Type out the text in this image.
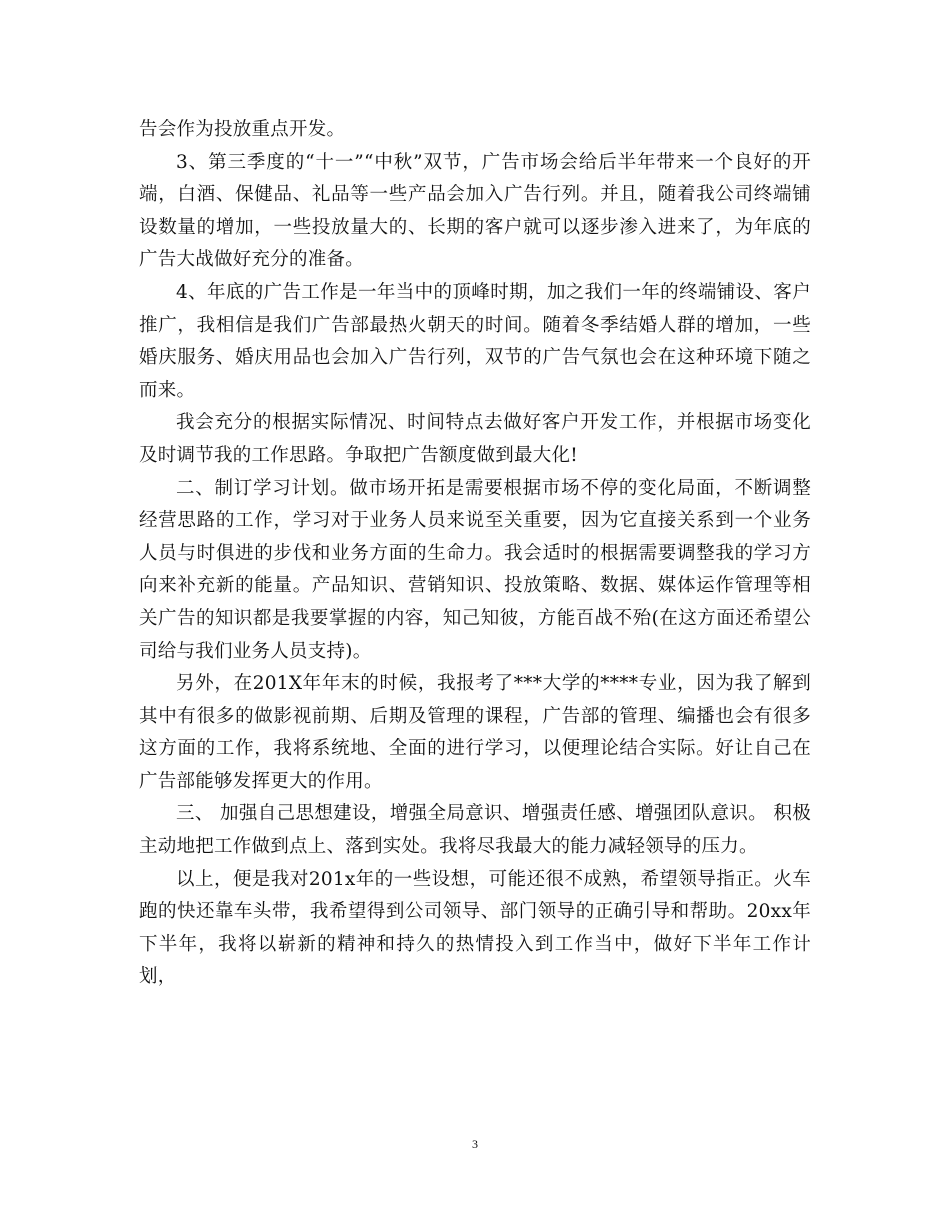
告会作为投放重点开发。

3、第三季度的“十一”“中秋”双节，广告市场会给后半年带来一个良好的开端，白酒、保健品、礼品等一些产品会加入广告行列。并且，随着我公司终端铺设数量的增加，一些投放量大的、长期的客户就可以逐步渗入进来了，为年底的广告大战做好充分的准备。

4、年底的广告工作是一年当中的顶峰时期，加之我们一年的终端铺设、客户推广，我相信是我们广告部最热火朝天的时间。随着冬季结婚人群的增加，一些婚庆服务、婚庆用品也会加入广告行列，双节的广告气氛也会在这种环境下随之而来。

我会充分的根据实际情况、时间特点去做好客户开发工作，并根据市场变化及时调节我的工作思路。争取把广告额度做到最大化!

二、制订学习计划。做市场开拓是需要根据市场不停的变化局面，不断调整经营思路的工作，学习对于业务人员来说至关重要，因为它直接关系到一个业务人员与时俱进的步伐和业务方面的生命力。我会适时的根据需要调整我的学习方向来补充新的能量。产品知识、营销知识、投放策略、数据、媒体运作管理等相关广告的知识都是我要掌握的内容，知己知彼，方能百战不殆(在这方面还希望公司给与我们业务人员支持)。

另外，在201X年年末的时候，我报考了***大学的****专业，因为我了解到其中有很多的做影视前期、后期及管理的课程，广告部的管理、编播也会有很多这方面的工作，我将系统地、全面的进行学习，以便理论结合实际。好让自己在广告部能够发挥更大的作用。

三、 加强自己思想建设，增强全局意识、增强责任感、增强团队意识。 积极主动地把工作做到点上、落到实处。我将尽我最大的能力减轻领导的压力。

以上，便是我对201x年的一些设想，可能还很不成熟，希望领导指正。火车跑的快还靠车头带，我希望得到公司领导、部门领导的正确引导和帮助。20xx年下半年，我将以崭新的精神和持久的热情投入到工作当中，做好下半年工作计划，

3
